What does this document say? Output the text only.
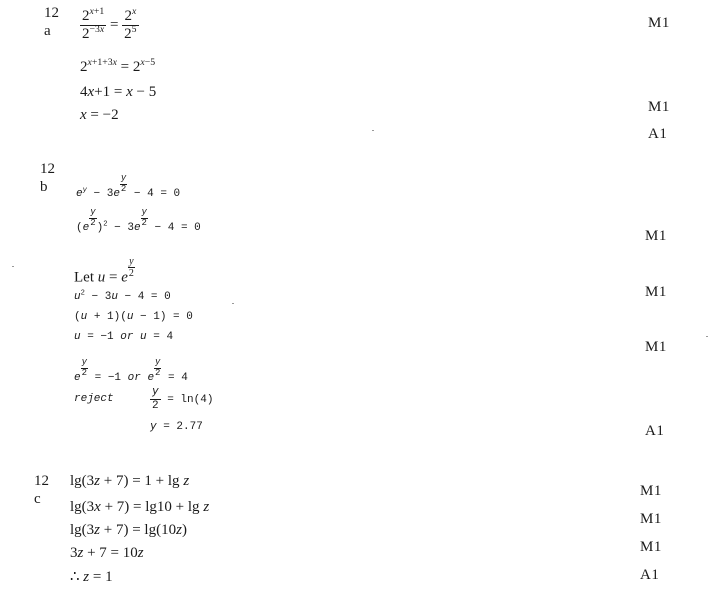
12
a $\frac{2^{x+1}}{2^{-3x}} = \frac{2^x}{2^5}$
$2^{x+1+3x} = 2^{x-5}$
4x+1 = x − 5
x = −2
M1
M1
A1
12
b	$e^y - 3e \frac{y}{2} - 4 = 0$
$(e \frac{y}{2} )^2 - 3e \frac{y}{2} - 4 = 0$
Let u = e $\frac{y}{2}$
$u^2 - 3u - 4 = 0$
(u + 1)(u − 1) = 0
u = −1 or u = 4
e $\frac{y}{2} = -1$ or e $\frac{y}{2} = 4$
reject	$\frac{y}{2} = \ln(4)$
y = 2.77
M1
M1
M1
A1
12
c
lg(3z + 7) = 1 + lg z
lg(3x + 7) = lg10 + lg z
lg(3z + 7) = lg(10z)
3z + 7 = 10z
∴ z = 1
M1
M1
M1
A1
